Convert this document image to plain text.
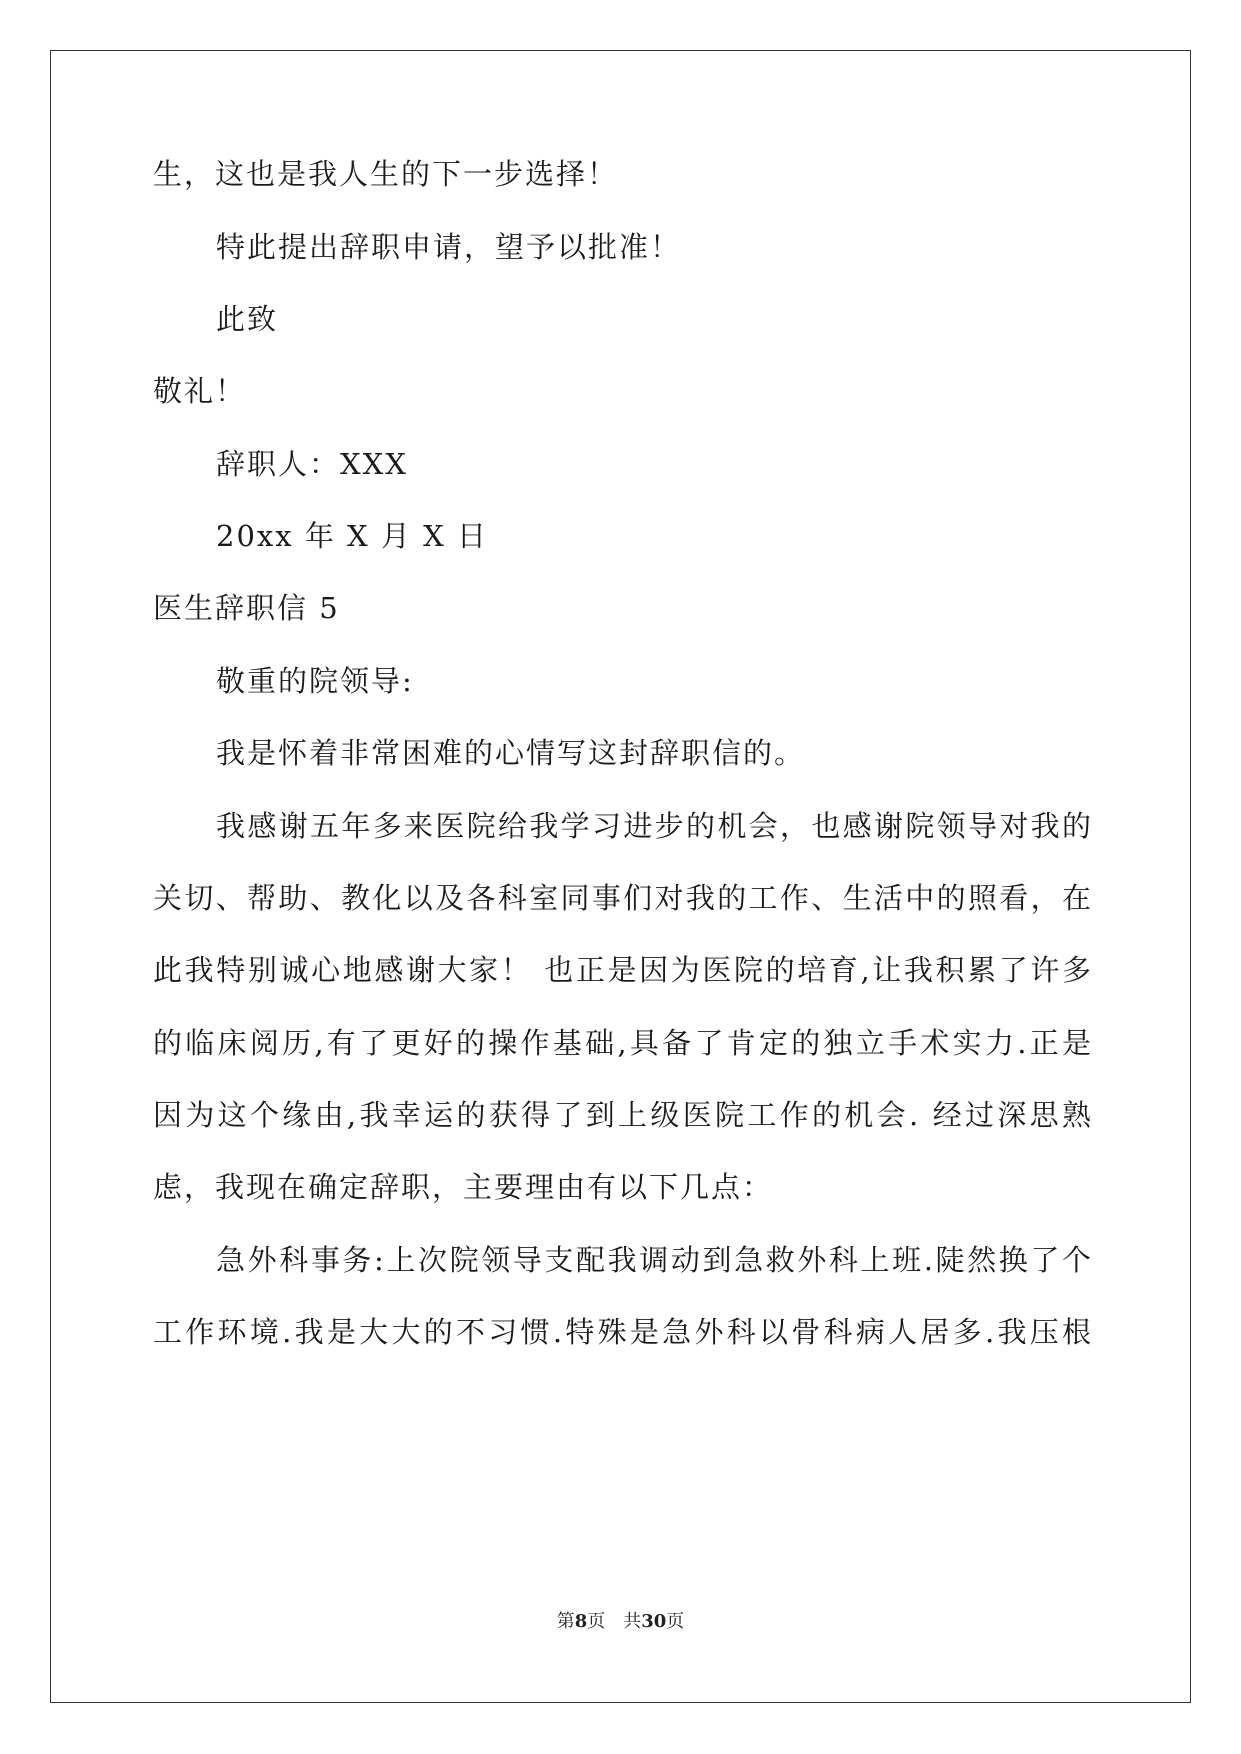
生，这也是我人生的下一步选择！
特此提出辞职申请，望予以批准！
此致
敬礼！
辞职人：XXX
20xx 年 X 月 X 日
医生辞职信 5
敬重的院领导:
我是怀着非常困难的心情写这封辞职信的。
我感谢五年多来医院给我学习进步的机会，也感谢院领导对我的
关切、帮助、教化以及各科室同事们对我的工作、生活中的照看，在
此我特别诚心地感谢大家！ 也正是因为医院的培育,让我积累了许多
的临床阅历,有了更好的操作基础,具备了肯定的独立手术实力.正是
因为这个缘由,我幸运的获得了到上级医院工作的机会. 经过深思熟
虑，我现在确定辞职，主要理由有以下几点：
急外科事务:上次院领导支配我调动到急救外科上班.陡然换了个
工作环境.我是大大的不习惯.特殊是急外科以骨科病人居多.我压根
第8页　共30页
